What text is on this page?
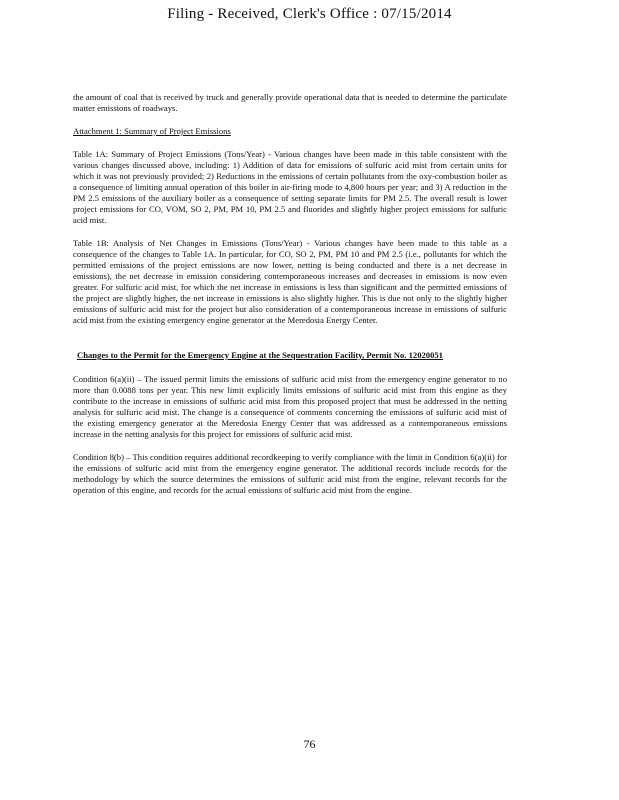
Filing - Received, Clerk's Office : 07/15/2014

the amount of coal that is received by truck and generally provide operational data that is needed to determine the particulate matter emissions of roadways.

Attachment 1: Summary of Project Emissions

Table 1A: Summary of Project Emissions (Tons/Year) - Various changes have been made in this table consistent with the various changes discussed above, including: 1) Addition of data for emissions of sulfuric acid mist from certain units for which it was not previously provided; 2) Reductions in the emissions of certain pollutants from the oxy-combustion boiler as a consequence of limiting annual operation of this boiler in air-firing mode to 4,800 hours per year; and 3) A reduction in the PM 2.5 emissions of the auxiliary boiler as a consequence of setting separate limits for PM 2.5. The overall result is lower project emissions for CO, VOM, SO 2, PM, PM 10, PM 2.5 and fluorides and slightly higher project emissions for sulfuric acid mist.

Table 1B: Analysis of Net Changes in Emissions (Tons/Year) - Various changes have been made to this table as a consequence of the changes to Table 1A. In particular, for CO, SO 2, PM, PM 10 and PM 2.5 (i.e., pollutants for which the permitted emissions of the project emissions are now lower, netting is being conducted and there is a net decrease in emissions), the net decrease in emission considering contemporaneous increases and decreases in emissions is now even greater. For sulfuric acid mist, for which the net increase in emissions is less than significant and the permitted emissions of the project are slightly higher, the net increase in emissions is also slightly higher. This is due not only to the slightly higher emissions of sulfuric acid mist for the project but also consideration of a contemporaneous increase in emissions of sulfuric acid mist from the existing emergency engine generator at the Meredosia Energy Center.

Changes to the Permit for the Emergency Engine at the Sequestration Facility, Permit No. 12020051

Condition 6(a)(ii) – The issued permit limits the emissions of sulfuric acid mist from the emergency engine generator to no more than 0.0088 tons per year. This new limit explicitly limits emissions of sulfuric acid mist from this engine as they contribute to the increase in emissions of sulfuric acid mist from this proposed project that must be addressed in the netting analysis for sulfuric acid mist. The change is a consequence of comments concerning the emissions of sulfuric acid mist of the existing emergency generator at the Meredosia Energy Center that was addressed as a contemporaneous emissions increase in the netting analysis for this project for emissions of sulfuric acid mist.

Condition 8(b) – This condition requires additional recordkeeping to verify compliance with the limit in Condition 6(a)(ii) for the emissions of sulfuric acid mist from the emergency engine generator. The additional records include records for the methodology by which the source determines the emissions of sulfuric acid mist from the engine, relevant records for the operation of this engine, and records for the actual emissions of sulfuric acid mist from the engine.

76
